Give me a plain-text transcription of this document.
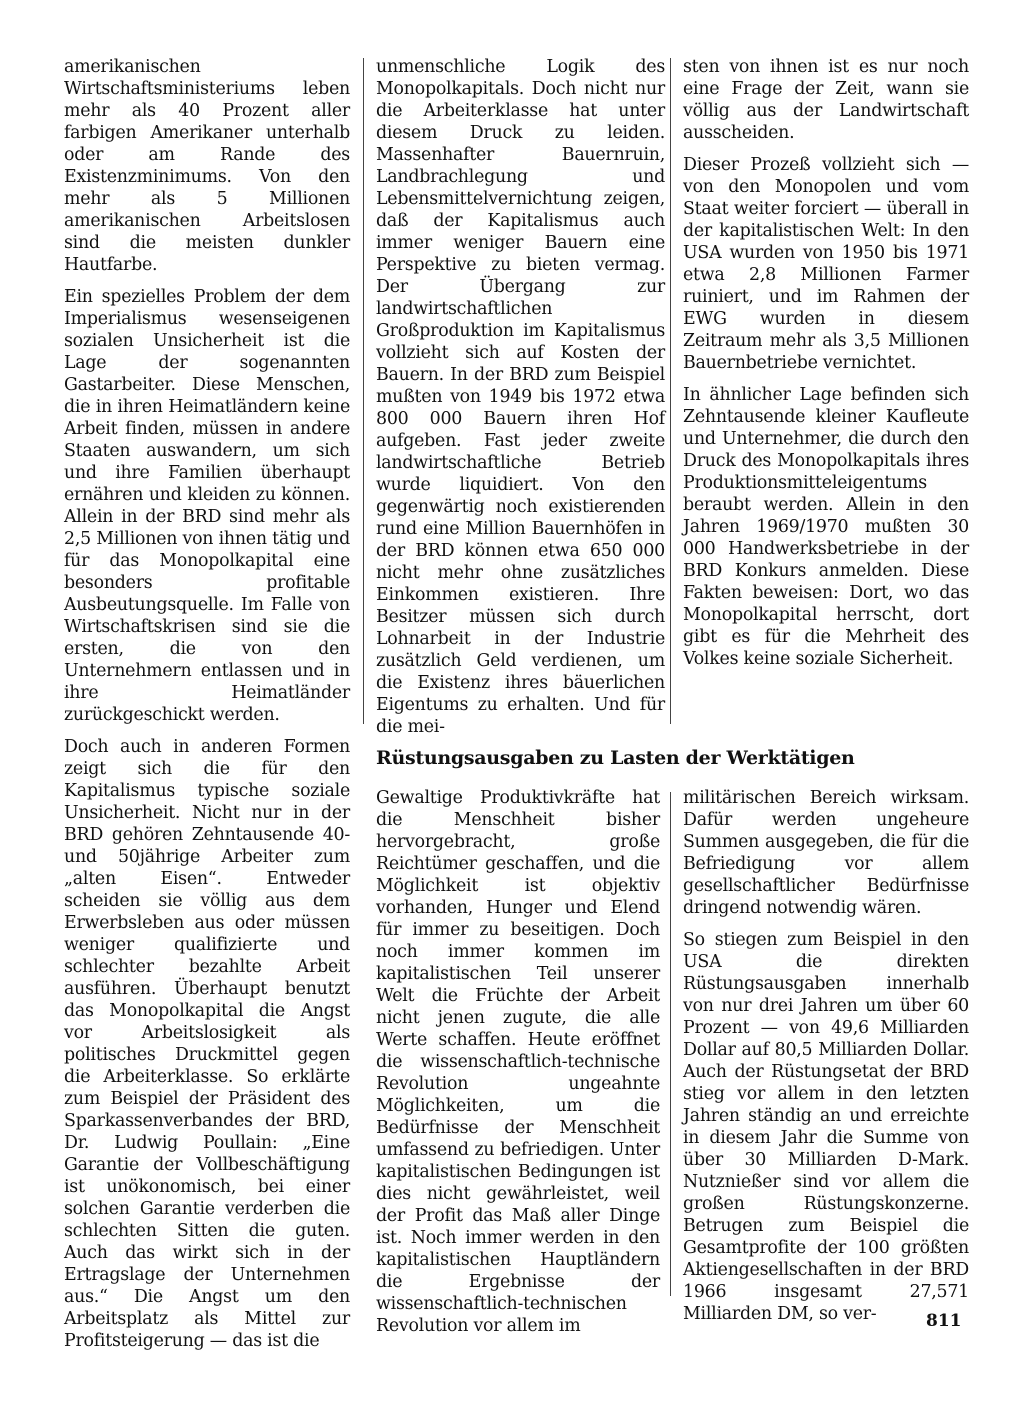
amerikanischen Wirtschaftsministeriums leben mehr als 40 Prozent aller farbigen Amerikaner unterhalb oder am Rande des Existenzminimums. Von den mehr als 5 Millionen amerikanischen Arbeitslosen sind die meisten dunkler Hautfarbe.

Ein spezielles Problem der dem Imperialismus wesenseigenen sozialen Unsicherheit ist die Lage der sogenannten Gastarbeiter. Diese Menschen, die in ihren Heimatländern keine Arbeit finden, müssen in andere Staaten auswandern, um sich und ihre Familien überhaupt ernähren und kleiden zu können. Allein in der BRD sind mehr als 2,5 Millionen von ihnen tätig und für das Monopolkapital eine besonders profitable Ausbeutungsquelle. Im Falle von Wirtschaftskrisen sind sie die ersten, die von den Unternehmern entlassen und in ihre Heimatländer zurückgeschickt werden.

Doch auch in anderen Formen zeigt sich die für den Kapitalismus typische soziale Unsicherheit. Nicht nur in der BRD gehören Zehntausende 40- und 50jährige Arbeiter zum „alten Eisen“. Entweder scheiden sie völlig aus dem Erwerbsleben aus oder müssen weniger qualifizierte und schlechter bezahlte Arbeit ausführen. Überhaupt benutzt das Monopolkapital die Angst vor Arbeitslosigkeit als politisches Druckmittel gegen die Arbeiterklasse. So erklärte zum Beispiel der Präsident des Sparkassenverbandes der BRD, Dr. Ludwig Poullain: „Eine Garantie der Vollbeschäftigung ist unökonomisch, bei einer solchen Garantie verderben die schlechten Sitten die guten. Auch das wirkt sich in der Ertragslage der Unternehmen aus.“ Die Angst um den Arbeitsplatz als Mittel zur Profitsteigerung — das ist die

unmenschliche Logik des Monopolkapitals. Doch nicht nur die Arbeiterklasse hat unter diesem Druck zu leiden. Massenhafter Bauernruin, Landbrachlegung und Lebensmittelvernichtung zeigen, daß der Kapitalismus auch immer weniger Bauern eine Perspektive zu bieten vermag. Der Übergang zur landwirtschaftlichen Großproduktion im Kapitalismus vollzieht sich auf Kosten der Bauern. In der BRD zum Beispiel mußten von 1949 bis 1972 etwa 800 000 Bauern ihren Hof aufgeben. Fast jeder zweite landwirtschaftliche Betrieb wurde liquidiert. Von den gegenwärtig noch existierenden rund eine Million Bauernhöfen in der BRD können etwa 650 000 nicht mehr ohne zusätzliches Einkommen existieren. Ihre Besitzer müssen sich durch Lohnarbeit in der Industrie zusätzlich Geld verdienen, um die Existenz ihres bäuerlichen Eigentums zu erhalten. Und für die mei-

sten von ihnen ist es nur noch eine Frage der Zeit, wann sie völlig aus der Landwirtschaft ausscheiden.

Dieser Prozeß vollzieht sich — von den Monopolen und vom Staat weiter forciert — überall in der kapitalistischen Welt: In den USA wurden von 1950 bis 1971 etwa 2,8 Millionen Farmer ruiniert, und im Rahmen der EWG wurden in diesem Zeitraum mehr als 3,5 Millionen Bauernbetriebe vernichtet.

In ähnlicher Lage befinden sich Zehntausende kleiner Kaufleute und Unternehmer, die durch den Druck des Monopolkapitals ihres Produktionsmitteleigentums beraubt werden. Allein in den Jahren 1969/1970 mußten 30 000 Handwerksbetriebe in der BRD Konkurs anmelden. Diese Fakten beweisen: Dort, wo das Monopolkapital herrscht, dort gibt es für die Mehrheit des Volkes keine soziale Sicherheit.

Rüstungsausgaben zu Lasten der Werktätigen

Gewaltige Produktivkräfte hat die Menschheit bisher hervorgebracht, große Reichtümer geschaffen, und die Möglichkeit ist objektiv vorhanden, Hunger und Elend für immer zu beseitigen. Doch noch immer kommen im kapitalistischen Teil unserer Welt die Früchte der Arbeit nicht jenen zugute, die alle Werte schaffen. Heute eröffnet die wissenschaftlich-technische Revolution ungeahnte Möglichkeiten, um die Bedürfnisse der Menschheit umfassend zu befriedigen. Unter kapitalistischen Bedingungen ist dies nicht gewährleistet, weil der Profit das Maß aller Dinge ist. Noch immer werden in den kapitalistischen Hauptländern die Ergebnisse der wissenschaftlich-technischen Revolution vor allem im

militärischen Bereich wirksam. Dafür werden ungeheure Summen ausgegeben, die für die Befriedigung vor allem gesellschaftlicher Bedürfnisse dringend notwendig wären.

So stiegen zum Beispiel in den USA die direkten Rüstungsausgaben innerhalb von nur drei Jahren um über 60 Prozent — von 49,6 Milliarden Dollar auf 80,5 Milliarden Dollar. Auch der Rüstungsetat der BRD stieg vor allem in den letzten Jahren ständig an und erreichte in diesem Jahr die Summe von über 30 Milliarden D-Mark. Nutznießer sind vor allem die großen Rüstungskonzerne. Betrugen zum Beispiel die Gesamtprofite der 100 größten Aktiengesellschaften in der BRD 1966 insgesamt 27,571 Milliarden DM, so ver-	811
